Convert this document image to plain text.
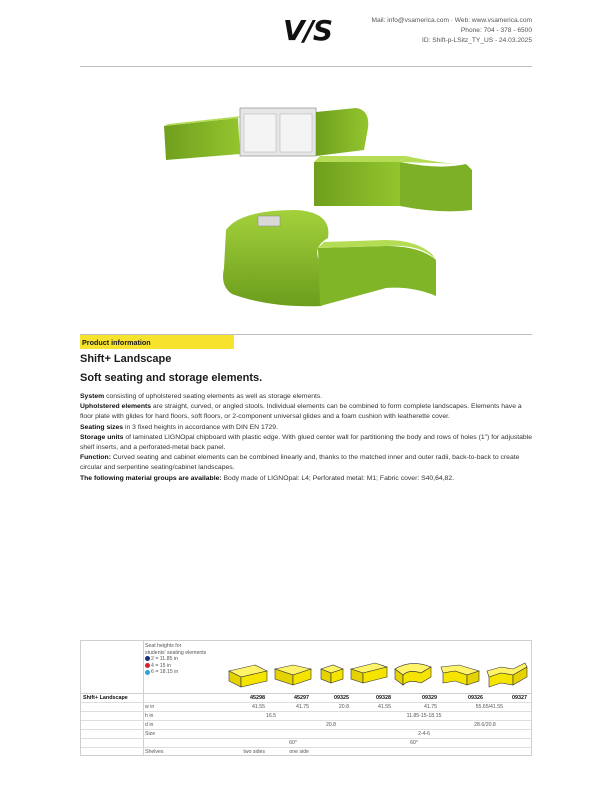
V/S	Mail: info@vsamerica.com · Web: www.vsamerica.com
Phone: 704 - 378 - 6500
ID: Shift-p-LSitz_TY_US - 24.03.2025
Product information
Shift+ Landscape
Soft seating and storage elements.

System consisting of upholstered seating elements as well as storage elements.

Upholstered elements are straight, curved, or angled stools. Individual elements can be combined to form complete landscapes. Elements have a floor plate with glides for hard floors, soft floors, or 2-component universal glides and a foam cushion with leatherette cover.

Seating sizes in 3 fixed heights in accordance with DIN EN 1729.

Storage units of laminated LIGNOpal chipboard with plastic edge. With glued center wall for partitioning the body and rows of holes (1") for adjustable shelf inserts, and a perforated-metal back panel.

Function: Curved seating and cabinet elements can be combined linearly and, thanks to the matched inner and outer radii, back-to-back to create circular and serpentine seating/cabinet landscapes.

The following material groups are available: Body made of LIGNOpal: L4; Perforated metal: M1; Fabric cover: S40,64,82.

Seat heights for
students' seating elements
2 = 11.85 in
4 = 15 in
6 = 18.15 in
Shift+ Landscape	45298	45297	09325	09328	09329	09326	09327
w in	41.55	41.75	20.8	41.55	41.75	55.65/41.55
h in	16.5	11.85-15-18.15
d in	20.8	28.6/20.8
Size	2-4-6
60°	60°
Shelves	two sides	one side
